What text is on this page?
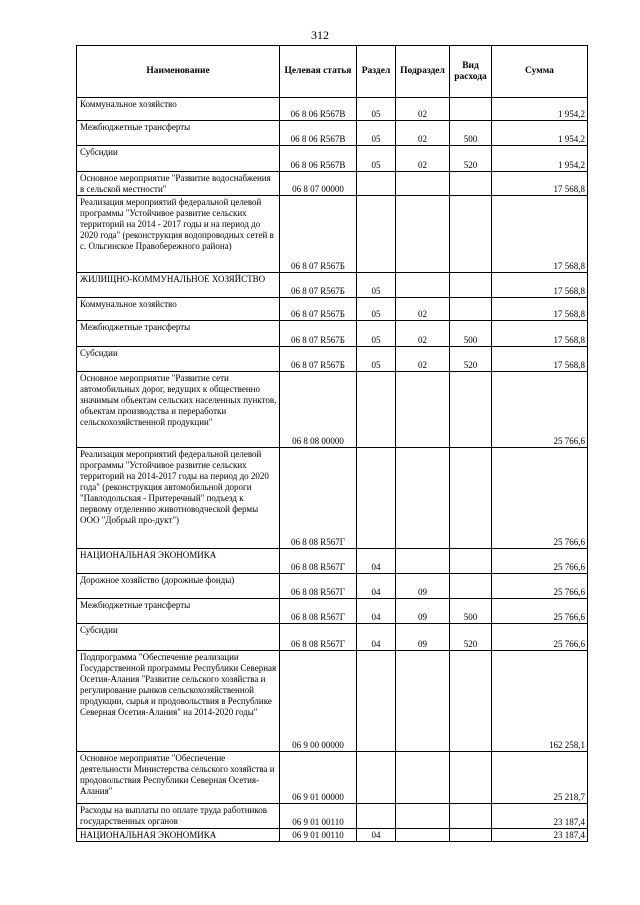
312
Наименование	Целевая статья	Раздел	Подраздел	Вид расхода	Сумма
Коммунальное хозяйство	06 8 06 R567В	05	02		1 954,2
Межбюджетные трансферты	06 8 06 R567В	05	02	500	1 954,2
Субсидии	06 8 06 R567В	05	02	520	1 954,2
Основное мероприятие "Развитие водоснабжения в сельской местности"	06 8 07 00000				17 568,8
Реализация мероприятий федеральной целевой программы "Устойчивое развитие сельских территорий на 2014 - 2017 годы и на период до 2020 года" (реконструкция водопроводных сетей в с. Ольгинское Правобережного района)	06 8 07 R567Б				17 568,8
ЖИЛИЩНО-КОММУНАЛЬНОЕ ХОЗЯЙСТВО	06 8 07 R567Б	05			17 568,8
Коммунальное хозяйство	06 8 07 R567Б	05	02		17 568,8
Межбюджетные трансферты	06 8 07 R567Б	05	02	500	17 568,8
Субсидии	06 8 07 R567Б	05	02	520	17 568,8
Основное мероприятие "Развитие сети автомобильных дорог, ведущих к общественно значимым объектам сельских населенных пунктов, объектам производства и переработки сельскохозяйственной продукции"	06 8 08 00000				25 766,6
Реализация мероприятий федеральной целевой программы "Устойчивое развитие сельских территорий на 2014-2017 годы на период до 2020 года" (реконструкция автомобильной дороги "Павлодольская - Притеречный" подъезд к первому отделению животноводческой фермы ООО "Добрый про-дукт")	06 8 08 R567Г				25 766,6
НАЦИОНАЛЬНАЯ ЭКОНОМИКА	06 8 08 R567Г	04			25 766,6
Дорожное хозяйство (дорожные фонды)	06 8 08 R567Г	04	09		25 766,6
Межбюджетные трансферты	06 8 08 R567Г	04	09	500	25 766,6
Субсидии	06 8 08 R567Г	04	09	520	25 766,6
Подпрограмма "Обеспечение реализации Государственной программы Республики Северная Осетия-Алания "Развитие сельского хозяйства и регулирование рынков сельскохозяйственной продукции, сырья и продовольствия в Республике Северная Осетия-Алания" на 2014-2020 годы"	06 9 00 00000				162 258,1
Основное мероприятие "Обеспечение деятельности Министерства сельского хозяйства и продовольствия Республики Северная Осетия-Алания"	06 9 01 00000				25 218,7
Расходы на выплаты по оплате труда работников государственных органов	06 9 01 00110				23 187,4
НАЦИОНАЛЬНАЯ ЭКОНОМИКА	06 9 01 00110	04			23 187,4
